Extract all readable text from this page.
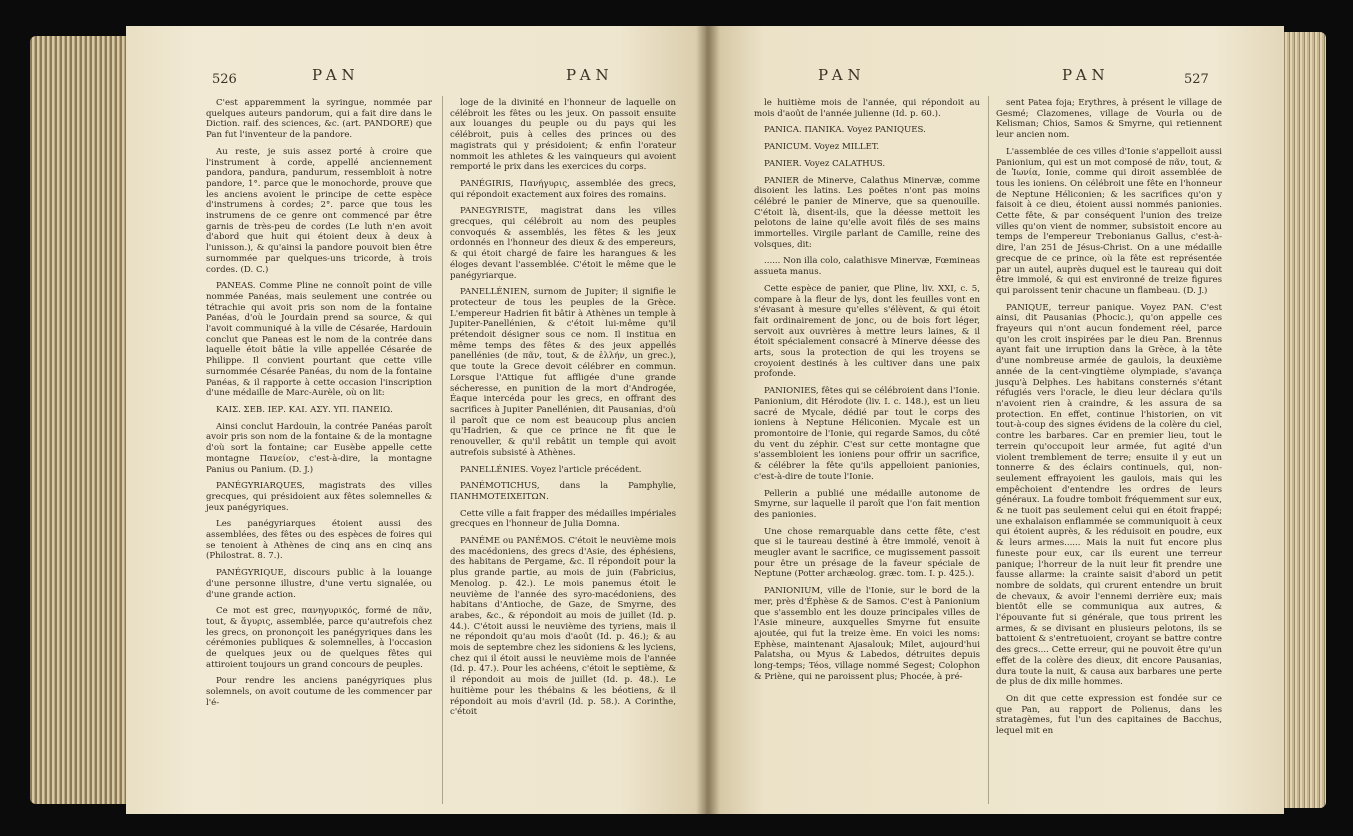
526	PAN	PAN

C'est apparemment la syringue, nommée par quelques auteurs pandorum, qui a fait dire dans le Diction. raif. des sciences, &c. (art. PANDORE) que Pan fut l'inventeur de la pandore.

Au reste, je suis assez porté à croire que l'instrument à corde, appellé anciennement pandora, pandura, pandurum, ressembloit à notre pandore, 1°. parce que le monochorde, prouve que les anciens avoient le principe de cette espèce d'instrumens à cordes; 2°. parce que tous les instrumens de ce genre ont commencé par être garnis de très-peu de cordes (Le luth n'en avoit d'abord que huit qui étoient deux à deux à l'unisson.), & qu'ainsi la pandore pouvoit bien être surnommée par quelques-uns tricorde, à trois cordes. (D. C.)

PANEAS. Comme Pline ne connoît point de ville nommée Panéas, mais seulement une contrée ou tétrachie qui avoit pris son nom de la fontaine Panéas, d'où le Jourdain prend sa source, & qui l'avoit communiqué à la ville de Césarée, Hardouin conclut que Paneas est le nom de la contrée dans laquelle étoit bâtie la ville appellée Césarée de Philippe. Il convient pourtant que cette ville surnommée Césarée Panéas, du nom de la fontaine Panéas, & il rapporte à cette occasion l'inscription d'une médaille de Marc-Aurèle, où on lit:

ΚΑΙΣ. ΣΕΒ. ΙΕΡ. ΚΑΙ. ΑΣΥ. ΥΠ. ΠΑΝΕΙΩ.

Ainsi conclut Hardouin, la contrée Panéas paroît avoir pris son nom de la fontaine & de la montagne d'où sort la fontaine; car Eusèbe appelle cette montagne Πανείον, c'est-à-dire, la montagne Panius ou Panium. (D. J.)

PANÉGYRIARQUES, magistrats des villes grecques, qui présidoient aux fêtes solemnelles & jeux panégyriques.

Les panégyriarques étoient aussi des assemblées, des fêtes ou des espèces de foires qui se tenoient à Athènes de cinq ans en cinq ans (Philostrat. 8. 7.).

PANÉGYRIQUE, discours public à la louange d'une personne illustre, d'une vertu signalée, ou d'une grande action.

Ce mot est grec, πανηγυρικός, formé de πᾶν, tout, & ἄγυρις, assemblée, parce qu'autrefois chez les grecs, on prononçoit les panégyriques dans les cérémonies publiques & solemnelles, à l'occasion de quelques jeux ou de quelques fêtes qui attiroient toujours un grand concours de peuples.

Pour rendre les anciens panégyriques plus solemnels, on avoit coutume de les commencer par l'é-

loge de la divinité en l'honneur de laquelle on célébroit les fêtes ou les jeux. On passoit ensuite aux louanges du peuple ou du pays qui les célébroit, puis à celles des princes ou des magistrats qui y présidoient; & enfin l'orateur nommoit les athletes & les vainqueurs qui avoient remporté le prix dans les exercices du corps.

PANÉGIRIS, Πανήγυρις, assemblée des grecs, qui répondoit exactement aux foires des romains.

PANEGYRISTE, magistrat dans les villes grecques, qui célébroit au nom des peuples convoqués & assemblés, les fêtes & les jeux ordonnés en l'honneur des dieux & des empereurs, & qui étoit chargé de faire les harangues & les éloges devant l'assemblée. C'étoit le même que le panégyriarque.

PANELLÉNIEN, surnom de Jupiter; il signifie le protecteur de tous les peuples de la Grèce. L'empereur Hadrien fit bâtir à Athènes un temple à Jupiter-Panellénien, & c'étoit lui-même qu'il prétendoit désigner sous ce nom. Il institua en même temps des fêtes & des jeux appellés panellénies (de πᾶν, tout, & de ἑλλήν, un grec.), que toute la Grece devoit célébrer en commun. Lorsque l'Attique fut affligée d'une grande sécheresse, en punition de la mort d'Androgée, Éaque intercéda pour les grecs, en offrant des sacrifices à Jupiter Panellénien, dit Pausanias, d'où il paroît que ce nom est beaucoup plus ancien qu'Hadrien, & que ce prince ne fit que le renouveller, & qu'il rebâtit un temple qui avoit autrefois subsisté à Athènes.

PANELLÉNIES. Voyez l'article précédent.

PANÉMOTICHUS, dans la Pamphylie, ΠΑΝΗΜΟΤΕΙΧΕΙΤΩΝ.

Cette ville a fait frapper des médailles impériales grecques en l'honneur de Julia Domna.

PANÉME ou PANÉMOS. C'étoit le neuvième mois des macédoniens, des grecs d'Asie, des éphésiens, des habitans de Pergame, &c. Il répondoit pour la plus grande partie, au mois de juin (Fabricius, Menolog. p. 42.). Le mois panemus étoit le neuvième de l'année des syro-macédoniens, des habitans d'Antioche, de Gaze, de Smyrne, des arabes, &c., & répondoit au mois de juillet (Id. p. 44.). C'étoit aussi le neuvième des tyriens, mais il ne répondoit qu'au mois d'août (Id. p. 46.); & au mois de septembre chez les sidoniens & les lyciens, chez qui il étoit aussi le neuvième mois de l'année (Id. p. 47.). Pour les achéens, c'étoit le septième, & il répondoit au mois de juillet (Id. p. 48.). Le huitième pour les thébains & les béotiens, & il répondoit au mois d'avril (Id. p. 58.). A Corinthe, c'étoit

PAN	PAN	527

le huitième mois de l'année, qui répondoit au mois d'août de l'année julienne (Id. p. 60.).

PANICA. ΠΑΝΙΚΑ. Voyez PANIQUES.

PANICUM. Voyez MILLET.

PANIER. Voyez CALATHUS.

PANIER de Minerve, Calathus Minervæ, comme disoient les latins. Les poëtes n'ont pas moins célébré le panier de Minerve, que sa quenouille. C'étoit là, disent-ils, que la déesse mettoit les pelotons de laine qu'elle avoit filés de ses mains immortelles. Virgile parlant de Camille, reine des volsques, dit:

...... Non illa colo, calathisve Minervæ, Fœmineas assueta manus.

Cette espèce de panier, que Pline, liv. XXI, c. 5, compare à la fleur de lys, dont les feuilles vont en s'évasant à mesure qu'elles s'élèvent, & qui étoit fait ordinairement de jonc, ou de bois fort léger, servoit aux ouvrières à mettre leurs laines, & il étoit spécialement consacré à Minerve déesse des arts, sous la protection de qui les troyens se croyoient destinés à les cultiver dans une paix profonde.

PANIONIES, fêtes qui se célébroient dans l'Ionie. Panionium, dit Hérodote (liv. I. c. 148.), est un lieu sacré de Mycale, dédié par tout le corps des ioniens à Neptune Héliconien. Mycale est un promontoire de l'Ionie, qui regarde Samos, du côté du vent du zéphir. C'est sur cette montagne que s'assembloient les ioniens pour offrir un sacrifice, & célébrer la fête qu'ils appelloient panionies, c'est-à-dire de toute l'Ionie.

Pellerin a publié une médaille autonome de Smyrne, sur laquelle il paroît que l'on fait mention des panionies.

Une chose remarquable dans cette fête, c'est que si le taureau destiné à être immolé, venoit à meugler avant le sacrifice, ce mugissement passoit pour être un présage de la faveur spéciale de Neptune (Potter archæolog. græc. tom. I. p. 425.).

PANIONIUM, ville de l'Ionie, sur le bord de la mer, près d'Éphèse & de Samos. C'est à Panionium que s'assemblo ent les douze principales villes de l'Asie mineure, auxquelles Smyrne fut ensuite ajoutée, qui fut la treize ème. En voici les noms: Ephèse, maintenant Ajasalouk; Milet, aujourd'hui Palatsha, ou Myus & Labedos, détruites depuis long-temps; Téos, village nommé Segest; Colophon & Priène, qui ne paroissent plus; Phocée, à pré-

sent Patea foja; Erythres, à présent le village de Gesmé; Clazomenes, village de Vourla ou de Kelisman; Chios, Samos & Smyrne, qui retiennent leur ancien nom.

L'assemblée de ces villes d'Ionie s'appelloit aussi Panionium, qui est un mot composé de πᾶν, tout, & de Ἰωνία, Ionie, comme qui diroit assemblée de tous les ioniens. On célébroit une fête en l'honneur de Neptune Héliconien; & les sacrifices qu'on y faisoit à ce dieu, étoient aussi nommés panionies. Cette fête, & par conséquent l'union des treize villes qu'on vient de nommer, subsistoit encore au temps de l'empereur Trebonianus Gallus, c'est-à-dire, l'an 251 de Jésus-Christ. On a une médaille grecque de ce prince, où la fête est représentée par un autel, auprès duquel est le taureau qui doit être immolé, & qui est environné de treize figures qui paroissent tenir chacune un flambeau. (D. J.)

PANIQUE, terreur panique. Voyez PAN. C'est ainsi, dit Pausanias (Phocic.), qu'on appelle ces frayeurs qui n'ont aucun fondement réel, parce qu'on les croit inspirées par le dieu Pan. Brennus ayant fait une irruption dans la Grèce, à la tête d'une nombreuse armée de gaulois, la deuxième année de la cent-vingtième olympiade, s'avança jusqu'à Delphes. Les habitans consternés s'étant réfugiés vers l'oracle, le dieu leur déclara qu'ils n'avoient rien à craindre, & les assura de sa protection. En effet, continue l'historien, on vit tout-à-coup des signes évidens de la colère du ciel, contre les barbares. Car en premier lieu, tout le terrein qu'occupoit leur armée, fut agité d'un violent tremblement de terre; ensuite il y eut un tonnerre & des éclairs continuels, qui, non-seulement effrayoient les gaulois, mais qui les empêchoient d'entendre les ordres de leurs généraux. La foudre tomboit fréquemment sur eux, & ne tuoit pas seulement celui qui en étoit frappé; une exhalaison enflammée se communiquoit à ceux qui étoient auprès, & les réduisoit en poudre, eux & leurs armes...... Mais la nuit fut encore plus funeste pour eux, car ils eurent une terreur panique; l'horreur de la nuit leur fit prendre une fausse allarme: la crainte saisit d'abord un petit nombre de soldats, qui crurent entendre un bruit de chevaux, & avoir l'ennemi derrière eux; mais bientôt elle se communiqua aux autres, & l'épouvante fut si générale, que tous prirent les armes, & se divisant en plusieurs pelotons, ils se battoient & s'entretuoient, croyant se battre contre des grecs.... Cette erreur, qui ne pouvoit être qu'un effet de la colère des dieux, dit encore Pausanias, dura toute la nuit, & causa aux barbares une perte de plus de dix mille hommes.

On dit que cette expression est fondée sur ce que Pan, au rapport de Polienus, dans les stratagèmes, fut l'un des capitaines de Bacchus, lequel mit en
